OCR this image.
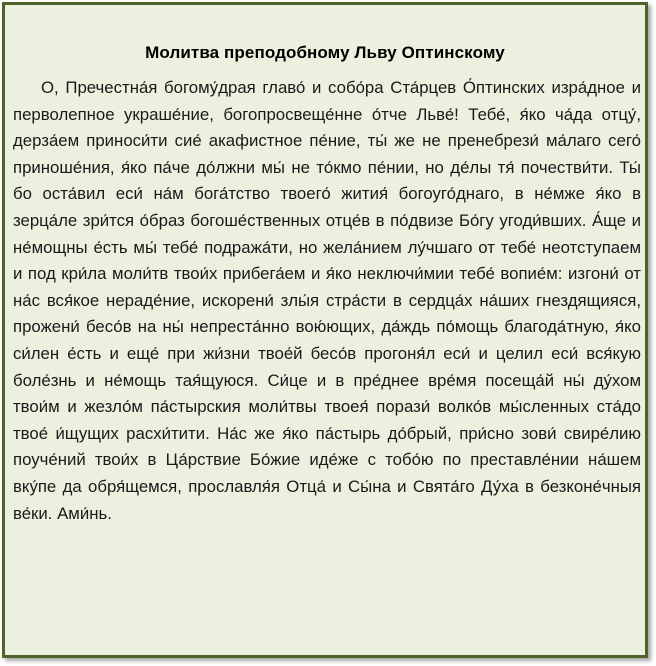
Молитва преподобному Льву Оптинскому

О, Пречестна́я богому́драя главо́ и собо́ра Ста́рцев О́птинских изра́дное и перволепное украше́ние, богопросвеще́нне о́тче Льве́! Тебе́, я́ко ча́да отцу́, дерза́ем приноси́ти сие́ акафистное пе́ние, ты́ же не пренебрези́ ма́лаго сего́ приноше́ния, я́ко па́че до́лжни мы́ не то́кмо пе́нии, но де́лы тя́ почестви́ти. Ты́ бо оста́вил еси́ на́м бога́тство твоего́ жития́ богоуго́днаго, в не́мже я́ко в зерца́ле зри́тся о́браз богоше́ственных отце́в в по́двизе Бо́гу угоди́вших. А́ще и не́мощны е́сть мы́ тебе́ подража́ти, но жела́нием лу́чшаго от тебе́ неотступаем и под кри́ла моли́тв твои́х прибега́ем и я́ко неключи́мии тебе́ вопие́м: изгони́ от на́с вся́кое нераде́ние, искорени́ злы́я стра́сти в сердца́х на́ших гнездящияся, прожени́ бесо́в на ны́ непреста́нно вою́ющих, да́ждь по́мощь благода́тную, я́ко си́лен е́сть и еще́ при жи́зни твое́й бесо́в прогоня́л еси́ и целил еси́ вся́кую боле́знь и не́мощь тая́щуюся. Си́це и в пре́днее вре́мя посеща́й ны́ ду́хом твои́м и жезло́м па́стырския моли́твы твоея́ порази́ волко́в мы́сленных ста́до твое́ и́щущих расхи́тити. На́с же я́ко па́стырь до́брый, при́сно зови́ свире́лию поуче́ний твои́х в Ца́рствие Бо́жие иде́же с тобо́ю по преставле́нии на́шем вку́пе да обря́щемся, прославля́я Отца́ и Сы́на и Свята́го Ду́ха в безконе́чныя ве́ки. Ами́нь.
